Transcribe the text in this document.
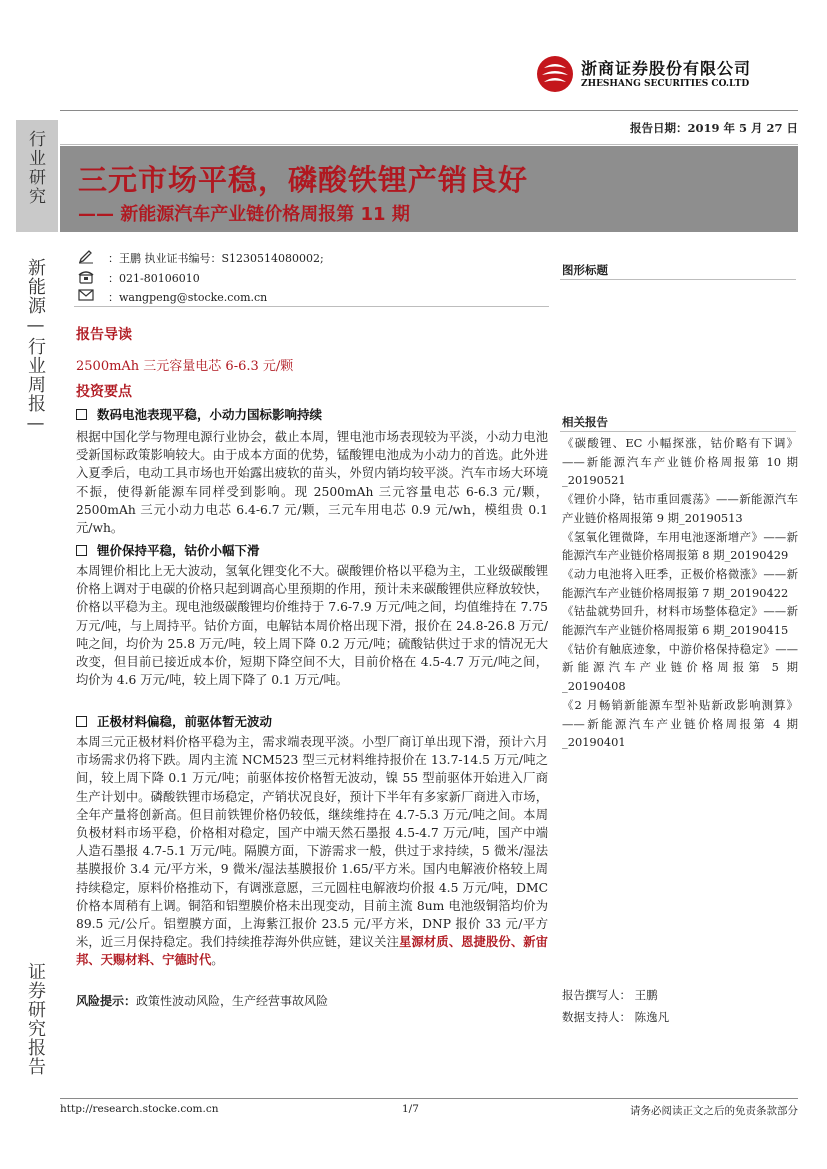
浙商证券股份有限公司
ZHESHANG SECURITIES CO.LTD
报告日期：2019 年 5 月 27 日
行业研究
新能源—行业周报—
证券研究报告
三元市场平稳，磷酸铁锂产销良好
—— 新能源汽车产业链价格周报第 11 期
：王鹏 执业证书编号：S1230514080002;
：021-80106010
：wangpeng@stocke.com.cn
报告导读
2500mAh 三元容量电芯 6-6.3 元/颗
投资要点
数码电池表现平稳，小动力国标影响持续
根据中国化学与物理电源行业协会，截止本周，锂电池市场表现较为平淡，小动力电池受新国标政策影响较大。由于成本方面的优势，锰酸锂电池成为小动力的首选。此外进入夏季后，电动工具市场也开始露出疲软的苗头，外贸内销均较平淡。汽车市场大环境不振，使得新能源车同样受到影响。现 2500mAh 三元容量电芯 6-6.3 元/颗，2500mAh 三元小动力电芯 6.4-6.7 元/颗，三元车用电芯 0.9 元/wh，模组贵 0.1 元/wh。
锂价保持平稳，钴价小幅下滑
本周锂价相比上无大波动，氢氧化锂变化不大。碳酸锂价格以平稳为主，工业级碳酸锂价格上调对于电碳的价格只起到调高心里预期的作用，预计未来碳酸锂供应释放较快，价格以平稳为主。现电池级碳酸锂均价维持于 7.6-7.9 万元/吨之间，均值维持在 7.75 万元/吨，与上周持平。钴价方面，电解钴本周价格出现下滑，报价在 24.8-26.8 万元/吨之间，均价为 25.8 万元/吨，较上周下降 0.2 万元/吨；硫酸钴供过于求的情况无大改变，但目前已接近成本价，短期下降空间不大，目前价格在 4.5-4.7 万元/吨之间，均价为 4.6 万元/吨，较上周下降了 0.1 万元/吨。
正极材料偏稳，前驱体暂无波动
本周三元正极材料价格平稳为主，需求端表现平淡。小型厂商订单出现下滑，预计六月市场需求仍将下跌。周内主流 NCM523 型三元材料维持报价在 13.7-14.5 万元/吨之间，较上周下降 0.1 万元/吨；前驱体按价格暂无波动，镍 55 型前驱体开始进入厂商生产计划中。磷酸铁锂市场稳定，产销状况良好，预计下半年有多家新厂商进入市场，全年产量将创新高。但目前铁锂价格仍较低，继续维持在 4.7-5.3 万元/吨之间。本周负极材料市场平稳，价格相对稳定，国产中端天然石墨报 4.5-4.7 万元/吨，国产中端人造石墨报 4.7-5.1 万元/吨。隔膜方面，下游需求一般，供过于求持续，5 微米/湿法基膜报价 3.4 元/平方米，9 微米/湿法基膜报价 1.65/平方米。国内电解液价格较上周持续稳定，原料价格推动下，有调涨意愿，三元圆柱电解液均价报 4.5 万元/吨，DMC 价格本周稍有上调。铜箔和铝塑膜价格未出现变动，目前主流 8um 电池级铜箔均价为 89.5 元/公斤。铝塑膜方面，上海紫江报价 23.5 元/平方米，DNP 报价 33 元/平方米，近三月保持稳定。我们持续推荐海外供应链，建议关注星源材质、恩捷股份、新宙邦、天赐材料、宁德时代。
风险提示：政策性波动风险，生产经营事故风险
图形标题
相关报告

《碳酸锂、EC 小幅探涨，钴价略有下调》——新能源汽车产业链价格周报第 10 期_20190521

《锂价小降，钴市重回震荡》——新能源汽车产业链价格周报第 9 期_20190513

《氢氧化锂微降，车用电池逐渐增产》——新能源汽车产业链价格周报第 8 期_20190429

《动力电池将入旺季，正极价格微涨》——新能源汽车产业链价格周报第 7 期_20190422

《钴盐就势回升，材料市场整体稳定》——新能源汽车产业链价格周报第 6 期_20190415

《钴价有触底迹象，中游价格保持稳定》——新能源汽车产业链价格周报第 5 期_20190408

《2 月畅销新能源车型补贴新政影响测算》——新能源汽车产业链价格周报第 4 期_20190401

报告撰写人： 王鹏
数据支持人： 陈逸凡
http://research.stocke.com.cn	1/7	请务必阅读正文之后的免责条款部分
